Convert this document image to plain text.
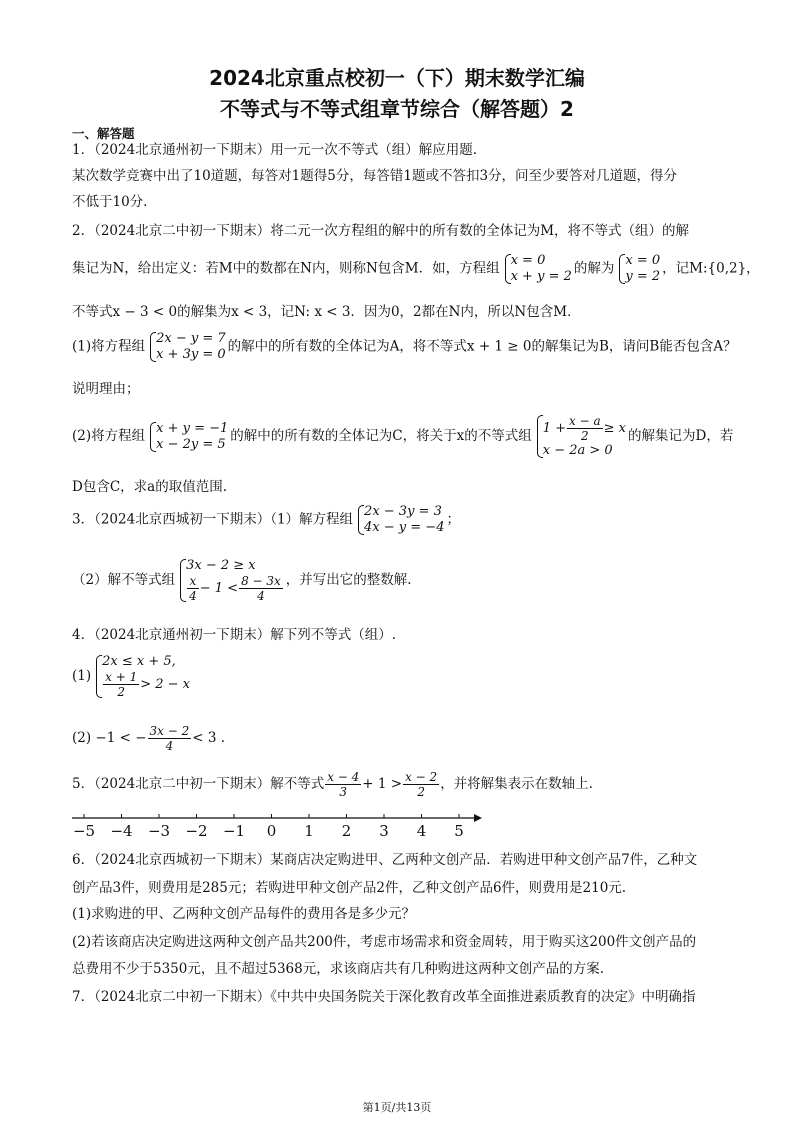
2024北京重点校初一（下）期末数学汇编
不等式与不等式组章节综合（解答题）2
一、解答题
1．（2024北京通州初一下期末）用一元一次不等式（组）解应用题.
某次数学竞赛中出了10道题，每答对1题得5分，每答错1题或不答扣3分，问至少要答对几道题，得分
不低于10分.
2．（2024北京二中初一下期末）将二元一次方程组的解中的所有数的全体记为M，将不等式（组）的解
集记为N，给出定义：若M中的数都在N内，则称N包含M．如，方程组 x = 0
x + y = 2 的解为 x = 0
y = 2 ，记M:{0,2}，
不等式x − 3 < 0的解集为x < 3，记N: x < 3．因为0，2都在N内，所以N包含M．
(1)将方程组 2x − y = 7
x + 3y = 0 的解中的所有数的全体记为A，将不等式x + 1 ≥ 0的解集记为B，请问B能否包含A？
说明理由；
(2)将方程组 x + y = −1
x − 2y = 5 的解中的所有数的全体记为C，将关于x的不等式组 $1 + \frac{x - a}{2} \ge x$
x − 2a > 0
的解集记为D，若
D包含C，求a的取值范围.
3．（2024北京西城初一下期末）（1）解方程组 2x − 3y = 3
4x − y = −4 ；
（2）解不等式组
3x − 2 ≥ x
$\frac{x}{4} - 1 < \frac{8 - 3x}{4}$ ，并写出它的整数解.
4．（2024北京通州初一下期末）解下列不等式（组）.
(1)
2x ≤ x + 5,
$\frac{x + 1}{2} > 2 - x$
(2) −1 < − $\frac{3x - 2}{4} < 3$ .
5．（2024北京二中初一下期末）解不等式 $\frac{x - 4}{3} + 1 > \frac{x - 2}{2}$ ，并将解集表示在数轴上.
−5 −4 −3 −2 −1 0 1 2 3 4 5
6．（2024北京西城初一下期末）某商店决定购进甲、乙两种文创产品．若购进甲种文创产品7件，乙种文
创产品3件，则费用是285元；若购进甲种文创产品2件，乙种文创产品6件，则费用是210元.
(1)求购进的甲、乙两种文创产品每件的费用各是多少元？
(2)若该商店决定购进这两种文创产品共200件，考虑市场需求和资金周转，用于购买这200件文创产品的
总费用不少于5350元，且不超过5368元，求该商店共有几种购进这两种文创产品的方案.
7．（2024北京二中初一下期末）《中共中央国务院关于深化教育改革全面推进素质教育的决定》中明确指
第1页/共13页
